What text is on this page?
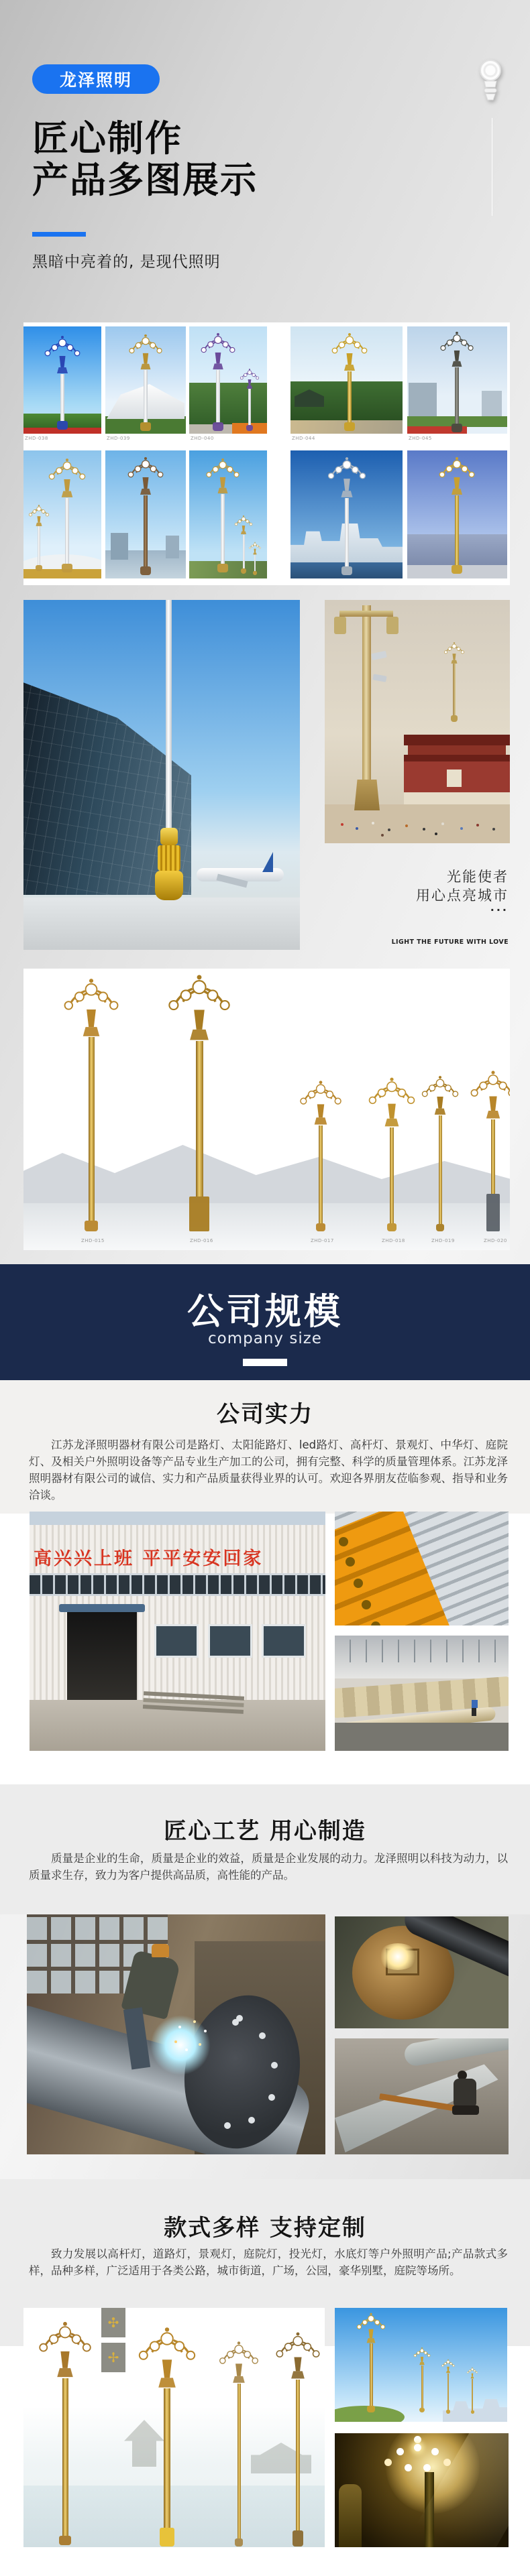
龙泽照明
匠心制作
产品多图展示
黑暗中亮着的, 是现代照明
ZHD-038	ZHD-039	ZHD-040	ZHD-044	ZHD-045
光能使者
用心点亮城市
...
LIGHT THE FUTURE WITH LOVE
ZHD-015	ZHD-016	ZHD-017	ZHD-018	ZHD-019	ZHD-020
公司规模
company size
公司实力
江苏龙泽照明器材有限公司是路灯、太阳能路灯、led路灯、高杆灯、景观灯、中华灯、庭院灯、及相关户外照明设备等产品专业生产加工的公司，拥有完整、科学的质量管理体系。江苏龙泽照明器材有限公司的诚信、实力和产品质量获得业界的认可。欢迎各界朋友莅临参观、指导和业务洽谈。
高兴兴上班 平平安安回家
匠心工艺 用心制造
质量是企业的生命，质量是企业的效益，质量是企业发展的动力。龙泽照明以科技为动力，以质量求生存，致力为客户提供高品质，高性能的产品。
款式多样 支持定制
致力发展以高杆灯，道路灯，景观灯，庭院灯，投光灯，水底灯等户外照明产品;产品款式多样，品种多样，广泛适用于各类公路，城市街道，广场，公园，豪华别墅，庭院等场所。
✣
✢
